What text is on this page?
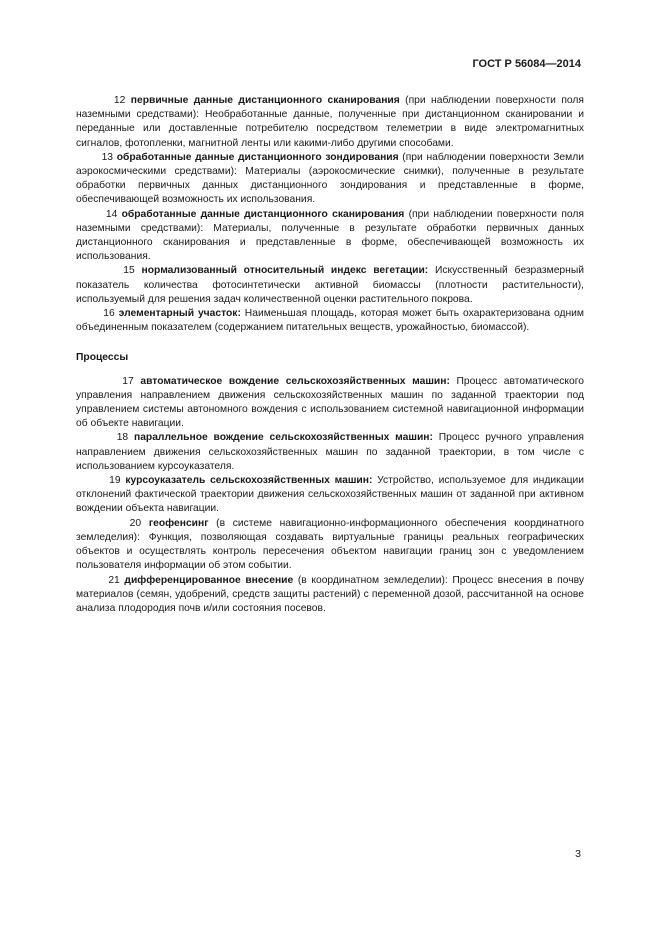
ГОСТ Р 56084—2014

12 первичные данные дистанционного сканирования (при наблюдении поверхности поля наземными средствами): Необработанные данные, полученные при дистанционном сканировании и переданные или доставленные потребителю посредством телеметрии в виде электромагнитных сигналов, фотопленки, магнитной ленты или какими-либо другими способами.

13 обработанные данные дистанционного зондирования (при наблюдении поверхности Земли аэрокосмическими средствами): Материалы (аэрокосмические снимки), полученные в результате обработки первичных данных дистанционного зондирования и представленные в форме, обеспечивающей возможность их использования.

14 обработанные данные дистанционного сканирования (при наблюдении поверхности поля наземными средствами): Материалы, полученные в результате обработки первичных данных дистанционного сканирования и представленные в форме, обеспечивающей возможность их использования.

15 нормализованный относительный индекс вегетации: Искусственный безразмерный показатель количества фотосинтетически активной биомассы (плотности растительности), используемый для решения задач количественной оценки растительного покрова.

16 элементарный участок: Наименьшая площадь, которая может быть охарактеризована одним объединенным показателем (содержанием питательных веществ, урожайностью, биомассой).

Процессы

17 автоматическое вождение сельскохозяйственных машин: Процесс автоматического управления направлением движения сельскохозяйственных машин по заданной траектории под управлением системы автономного вождения с использованием системной навигационной информации об объекте навигации.

18 параллельное вождение сельскохозяйственных машин: Процесс ручного управления направлением движения сельскохозяйственных машин по заданной траектории, в том числе с использованием курсоуказателя.

19 курсоуказатель сельскохозяйственных машин: Устройство, используемое для индикации отклонений фактической траектории движения сельскохозяйственных машин от заданной при активном вождении объекта навигации.

20 геофенсинг (в системе навигационно-информационного обеспечения координатного земледелия): Функция, позволяющая создавать виртуальные границы реальных географических объектов и осуществлять контроль пересечения объектом навигации границ зон с уведомлением пользователя информации об этом событии.

21 дифференцированное внесение (в координатном земледелии): Процесс внесения в почву материалов (семян, удобрений, средств защиты растений) с переменной дозой, рассчитанной на основе анализа плодородия почв и/или состояния посевов.

3
